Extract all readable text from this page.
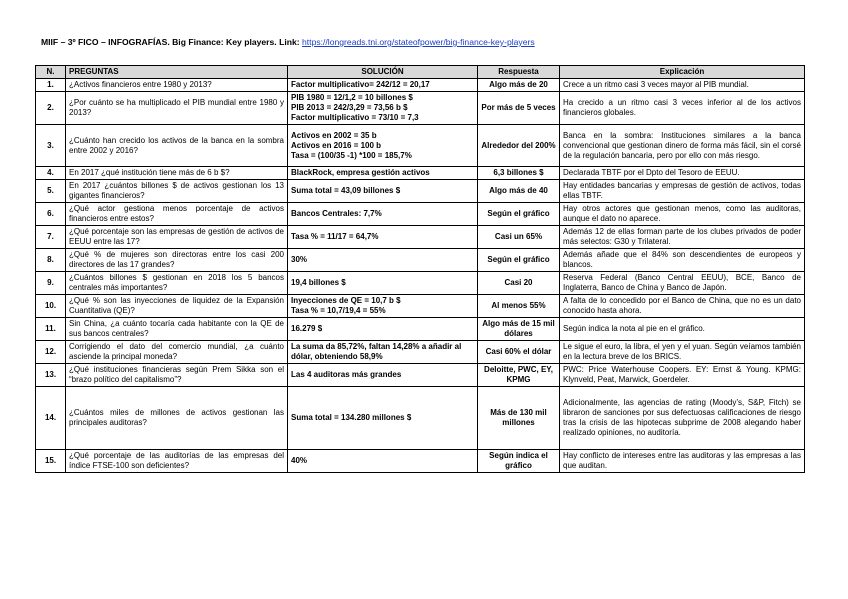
MIIF – 3º FICO – INFOGRAFÍAS. Big Finance: Key players. Link: https://longreads.tni.org/stateofpower/big-finance-key-players
N.	PREGUNTAS	SOLUCIÓN	Respuesta	Explicación
1.	¿Activos financieros entre 1980 y 2013?	Factor multiplicativo= 242/12 = 20,17	Algo más de 20	Crece a un ritmo casi 3 veces mayor al PIB mundial.
2.	¿Por cuánto se ha multiplicado el PIB mundial entre 1980 y 2013?	PIB 1980 = 12/1,2 = 10 billones $
PIB 2013 = 242/3,29 = 73,56 b $
Factor multiplicativo = 73/10 = 7,3	Por más de 5 veces	Ha crecido a un ritmo casi 3 veces inferior al de los activos financieros globales.
3.	¿Cuánto han crecido los activos de la banca en la sombra entre 2002 y 2016?	Activos en 2002 = 35 b
Activos en 2016 = 100 b
Tasa = (100/35 -1) *100 = 185,7%	Alrededor del 200%	Banca en la sombra: Instituciones similares a la banca convencional que gestionan dinero de forma más fácil, sin el corsé de la regulación bancaria, pero por ello con más riesgo.
4.	En 2017 ¿qué institución tiene más de 6 b $?	BlackRock, empresa gestión activos	6,3 billones $	Declarada TBTF por el Dpto del Tesoro de EEUU.
5.	En 2017 ¿cuántos billones $ de activos gestionan los 13 gigantes financieros?	Suma total = 43,09 billones $	Algo más de 40	Hay entidades bancarias y empresas de gestión de activos, todas ellas TBTF.
6.	¿Qué actor gestiona menos porcentaje de activos financieros entre estos?	Bancos Centrales: 7,7%	Según el gráfico	Hay otros actores que gestionan menos, como las auditoras, aunque el dato no aparece.
7.	¿Qué porcentaje son las empresas de gestión de activos de EEUU entre las 17?	Tasa % = 11/17 = 64,7%	Casi un 65%	Además 12 de ellas forman parte de los clubes privados de poder más selectos: G30 y Trilateral.
8.	¿Qué % de mujeres son directoras entre los casi 200 directores de las 17 grandes?	30%	Según el gráfico	Además añade que el 84% son descendientes de europeos y blancos.
9.	¿Cuántos billones $ gestionan en 2018 los 5 bancos centrales más importantes?	19,4 billones $	Casi 20	Reserva Federal (Banco Central EEUU), BCE, Banco de Inglaterra, Banco de China y Banco de Japón.
10.	¿Qué % son las inyecciones de liquidez de la Expansión Cuantitativa (QE)?	Inyecciones de QE = 10,7 b $
Tasa % = 10,7/19,4 = 55%	Al menos 55%	A falta de lo concedido por el Banco de China, que no es un dato conocido hasta ahora.
11.	Sin China, ¿a cuánto tocaría cada habitante con la QE de sus bancos centrales?	16.279 $	Algo más de 15 mil dólares	Según indica la nota al pie en el gráfico.
12.	Corrigiendo el dato del comercio mundial, ¿a cuánto asciende la principal moneda?	La suma da 85,72%, faltan 14,28% a añadir al dólar, obteniendo 58,9%	Casi 60% el dólar	Le sigue el euro, la libra, el yen y el yuan. Según veíamos también en la lectura breve de los BRICS.
13.	¿Qué instituciones financieras según Prem Sikka son el “brazo político del capitalismo”?	Las 4 auditoras más grandes	Deloitte, PWC, EY, KPMG	PWC: Price Waterhouse Coopers. EY: Ernst & Young. KPMG: Klynveld, Peat, Marwick, Goerdeler.
14.	¿Cuántos miles de millones de activos gestionan las principales auditoras?	Suma total = 134.280 millones $	Más de 130 mil millones	Adicionalmente, las agencias de rating (Moody’s, S&P, Fitch) se libraron de sanciones por sus defectuosas calificaciones de riesgo tras la crisis de las hipotecas subprime de 2008 alegando haber realizado opiniones, no auditoría.
15.	¿Qué porcentaje de las auditorías de las empresas del índice FTSE-100 son deficientes?	40%	Según indica el gráfico	Hay conflicto de intereses entre las auditoras y las empresas a las que auditan.
